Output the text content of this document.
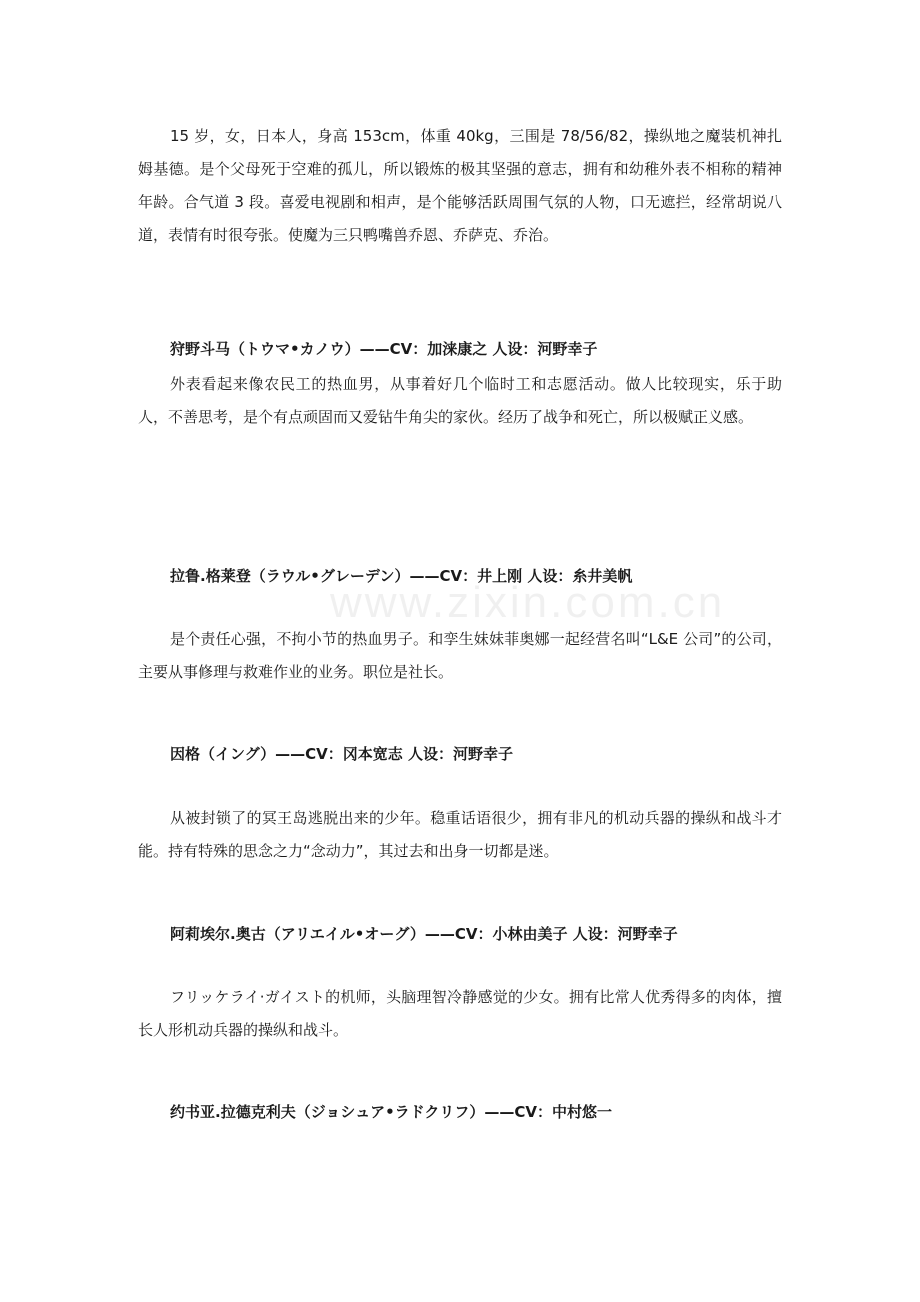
15 岁，女，日本人，身高 153cm，体重 40kg，三围是 78/56/82，操纵地之魔装机神扎姆基德。是个父母死于空难的孤儿，所以锻炼的极其坚强的意志，拥有和幼稚外表不相称的精神年龄。合气道 3 段。喜爱电视剧和相声，是个能够活跃周围气氛的人物，口无遮拦，经常胡说八道，表情有时很夸张。使魔为三只鸭嘴兽乔恩、乔萨克、乔治。

狩野斗马（トウマ•カノウ）——CV：加涞康之 人设：河野幸子

外表看起来像农民工的热血男，从事着好几个临时工和志愿活动。做人比较现实，乐于助人，不善思考，是个有点顽固而又爱钻牛角尖的家伙。经历了战争和死亡，所以极赋正义感。

拉鲁.格莱登（ラウル•グレーデン）——CV：井上刚 人设：糸井美帆

是个责任心强，不拘小节的热血男子。和孪生妹妹菲奥娜一起经营名叫“L&E 公司”的公司，主要从事修理与救难作业的业务。职位是社长。

因格（イング）——CV：冈本宽志 人设：河野幸子

从被封锁了的冥王岛逃脱出来的少年。稳重话语很少，拥有非凡的机动兵器的操纵和战斗才能。持有特殊的思念之力“念动力”，其过去和出身一切都是迷。

阿莉埃尔.奥古（アリエイル•オーグ）——CV：小林由美子 人设：河野幸子

フリッケライ·ガイスト的机师，头脑理智冷静感觉的少女。拥有比常人优秀得多的肉体，擅长人形机动兵器的操纵和战斗。

约书亚.拉德克利夫（ジョシュア•ラドクリフ）——CV：中村悠一

www.zixin.com.cn
